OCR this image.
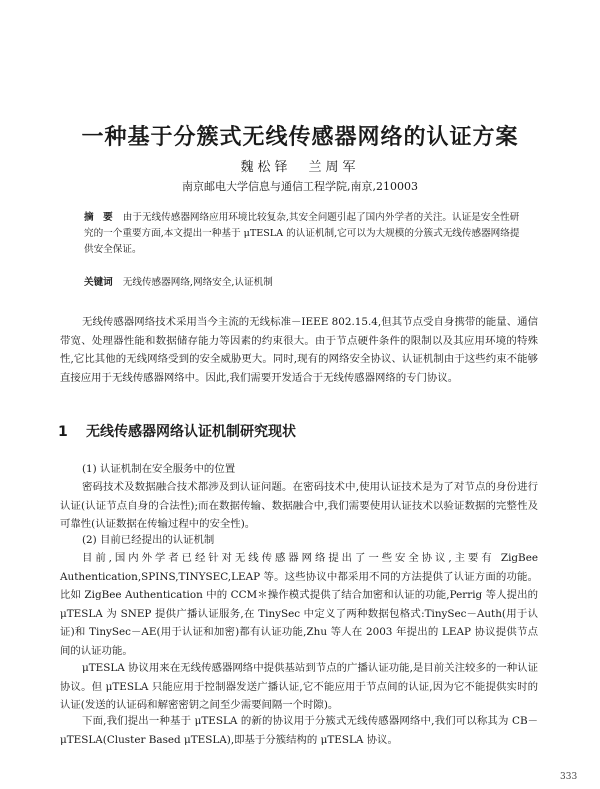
一种基于分簇式无线传感器网络的认证方案
魏松铎　兰周军
南京邮电大学信息与通信工程学院,南京,210003
摘　要 由于无线传感器网络应用环境比较复杂,其安全问题引起了国内外学者的关注。认证是安全性研究的一个重要方面,本文提出一种基于 μTESLA 的认证机制,它可以为大规模的分簇式无线传感器网络提供安全保证。
关键词 无线传感器网络,网络安全,认证机制
无线传感器网络技术采用当今主流的无线标准－IEEE 802.15.4,但其节点受自身携带的能量、通信带宽、处理器性能和数据储存能力等因素的约束很大。由于节点硬件条件的限制以及其应用环境的特殊性,它比其他的无线网络受到的安全威胁更大。同时,现有的网络安全协议、认证机制由于这些约束不能够直接应用于无线传感器网络中。因此,我们需要开发适合于无线传感器网络的专门协议。
1 无线传感器网络认证机制研究现状
(1) 认证机制在安全服务中的位置
密码技术及数据融合技术都涉及到认证问题。在密码技术中,使用认证技术是为了对节点的身份进行认证(认证节点自身的合法性);而在数据传输、数据融合中,我们需要使用认证技术以验证数据的完整性及可靠性(认证数据在传输过程中的安全性)。
(2) 目前已经提出的认证机制
目前,国内外学者已经针对无线传感器网络提出了一些安全协议,主要有 ZigBee Authentication,SPINS,TINYSEC,LEAP 等。这些协议中都采用不同的方法提供了认证方面的功能。比如 ZigBee Authentication 中的 CCM＊操作模式提供了结合加密和认证的功能,Perrig 等人提出的 μTESLA 为 SNEP 提供广播认证服务,在 TinySec 中定义了两种数据包格式:TinySec－Auth(用于认证)和 TinySec－AE(用于认证和加密)都有认证功能,Zhu 等人在 2003 年提出的 LEAP 协议提供节点间的认证功能。
μTESLA 协议用来在无线传感器网络中提供基站到节点的广播认证功能,是目前关注较多的一种认证协议。但 μTESLA 只能应用于控制器发送广播认证,它不能应用于节点间的认证,因为它不能提供实时的认证(发送的认证码和解密密钥之间至少需要间隔一个时隙)。
下面,我们提出一种基于 μTESLA 的新的协议用于分簇式无线传感器网络中,我们可以称其为 CB－μTESLA(Cluster Based μTESLA),即基于分簇结构的 μTESLA 协议。
333
